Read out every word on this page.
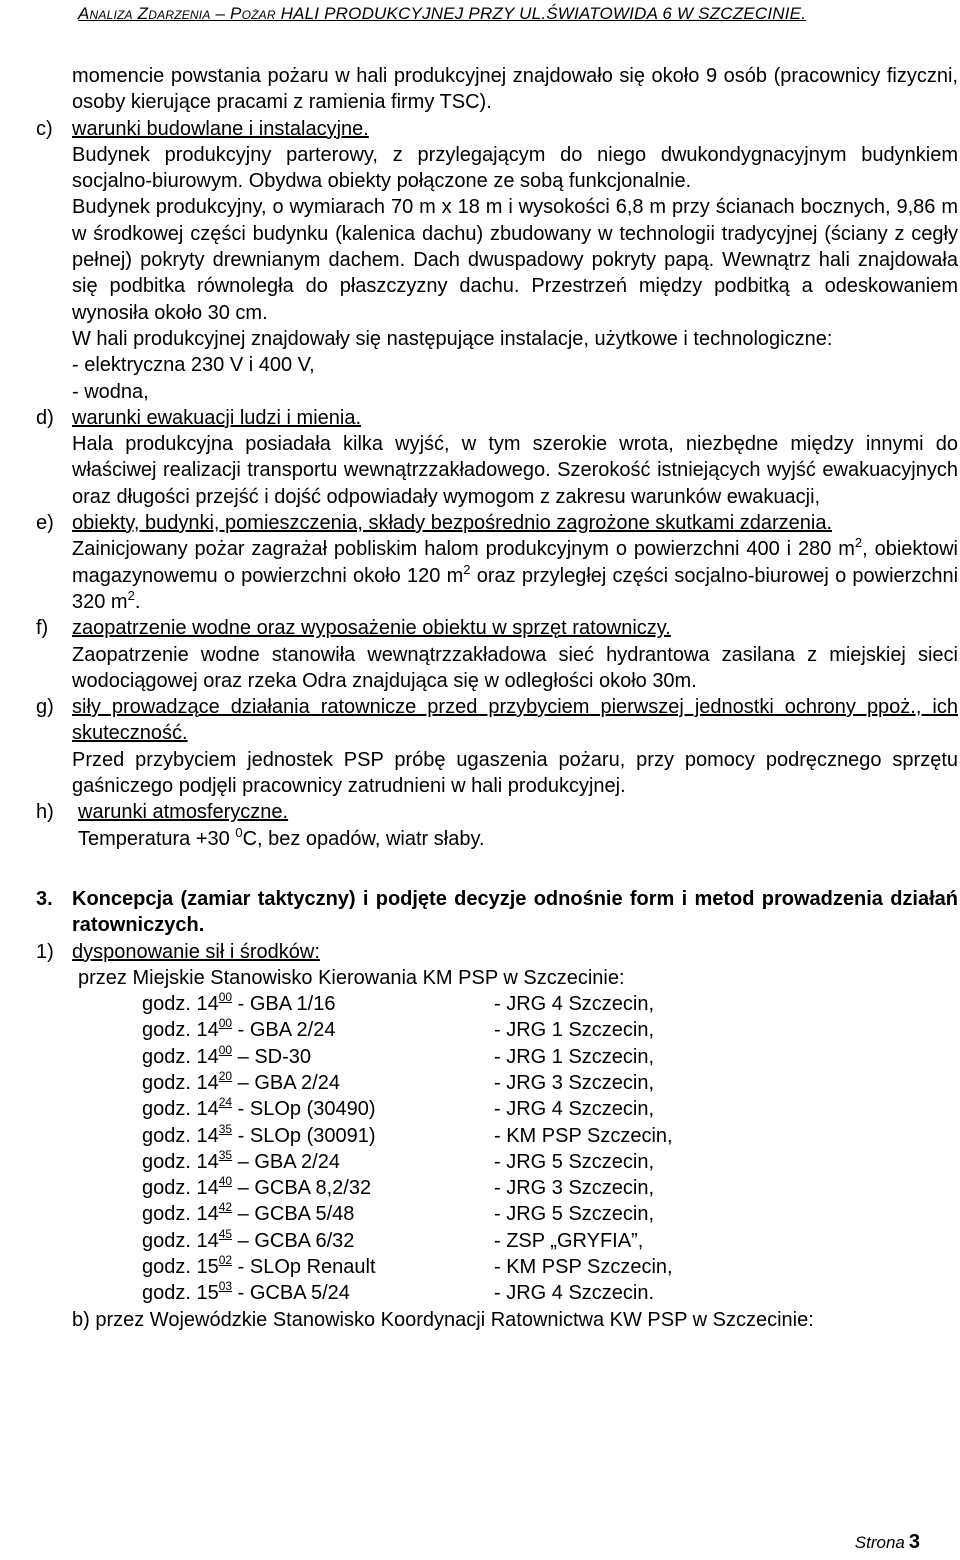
Analiza Zdarzenia – Pożar HALI PRODUKCYJNEJ PRZY UL.ŚWIATOWIDA 6 W SZCZECINIE.

momencie powstania pożaru w hali produkcyjnej znajdowało się około 9 osób (pracownicy fizyczni, osoby kierujące pracami z ramienia firmy TSC).

c) warunki budowlane i instalacyjne.

Budynek produkcyjny parterowy, z przylegającym do niego dwukondygnacyjnym budynkiem socjalno-biurowym. Obydwa obiekty połączone ze sobą funkcjonalnie.

Budynek produkcyjny, o wymiarach 70 m x 18 m i wysokości 6,8 m przy ścianach bocznych, 9,86 m w środkowej części budynku (kalenica dachu) zbudowany w technologii tradycyjnej (ściany z cegły pełnej) pokryty drewnianym dachem. Dach dwuspadowy pokryty papą. Wewnątrz hali znajdowała się podbitka równoległa do płaszczyzny dachu. Przestrzeń między podbitką a odeskowaniem wynosiła około 30 cm.

W hali produkcyjnej znajdowały się następujące instalacje, użytkowe i technologiczne:

- elektryczna 230 V i 400 V,

- wodna,

d) warunki ewakuacji ludzi i mienia.

Hala produkcyjna posiadała kilka wyjść, w tym szerokie wrota, niezbędne między innymi do właściwej realizacji transportu wewnątrzzakładowego. Szerokość istniejących wyjść ewakuacyjnych oraz długości przejść i dojść odpowiadały wymogom z zakresu warunków ewakuacji,

e) obiekty, budynki, pomieszczenia, składy bezpośrednio zagrożone skutkami zdarzenia.

Zainicjowany pożar zagrażał pobliskim halom produkcyjnym o powierzchni 400 i 280 $m^2$, obiektowi magazynowemu o powierzchni około 120 $m^2$ oraz przyległej części socjalno-biurowej o powierzchni 320 $m^2$.

f)	zaopatrzenie wodne oraz wyposażenie obiektu w sprzęt ratowniczy.

Zaopatrzenie wodne stanowiła wewnątrzzakładowa sieć hydrantowa zasilana z miejskiej sieci wodociągowej oraz rzeka Odra znajdująca się w odległości około 30m.

g) siły prowadzące działania ratownicze przed przybyciem pierwszej jednostki ochrony ppoż., ich skuteczność.

Przed przybyciem jednostek PSP próbę ugaszenia pożaru, przy pomocy podręcznego sprzętu gaśniczego podjęli pracownicy zatrudnieni w hali produkcyjnej.

h)	warunki atmosferyczne.

Temperatura +30 $^0$C, bez opadów, wiatr słaby.

3. Koncepcja (zamiar taktyczny) i podjęte decyzje odnośnie form i metod prowadzenia działań ratowniczych.
1) dysponowanie sił i środków:

przez Miejskie Stanowisko Kierowania KM PSP w Szczecinie:

godz. $14^{00}$ - GBA 1/16	- JRG 4 Szczecin,
godz. $14^{00}$ - GBA 2/24	- JRG 1 Szczecin,
godz. $14^{00} - SD-30$	- JRG 1 Szczecin,
godz. $14^{20}$ – GBA 2/24	- JRG 3 Szczecin,
godz. $14^{24}$ - SLOp (30490)	- JRG 4 Szczecin,
godz. $14^{35}$ - SLOp (30091)	- KM PSP Szczecin,
godz. $14^{35}$ – GBA 2/24	- JRG 5 Szczecin,
godz. $14^{40}$ – GCBA 8,2/32	- JRG 3 Szczecin,
godz. $14^{42}$ – GCBA 5/48	- JRG 5 Szczecin,
godz. $14^{45}$ – GCBA 6/32	- ZSP „GRYFIA”,
godz. $15^{02}$ - SLOp Renault	- KM PSP Szczecin,
godz. $15^{03}$ - GCBA 5/24	- JRG 4 Szczecin.

b) przez Wojewódzkie Stanowisko Koordynacji Ratownictwa KW PSP w Szczecinie:

Strona 3
